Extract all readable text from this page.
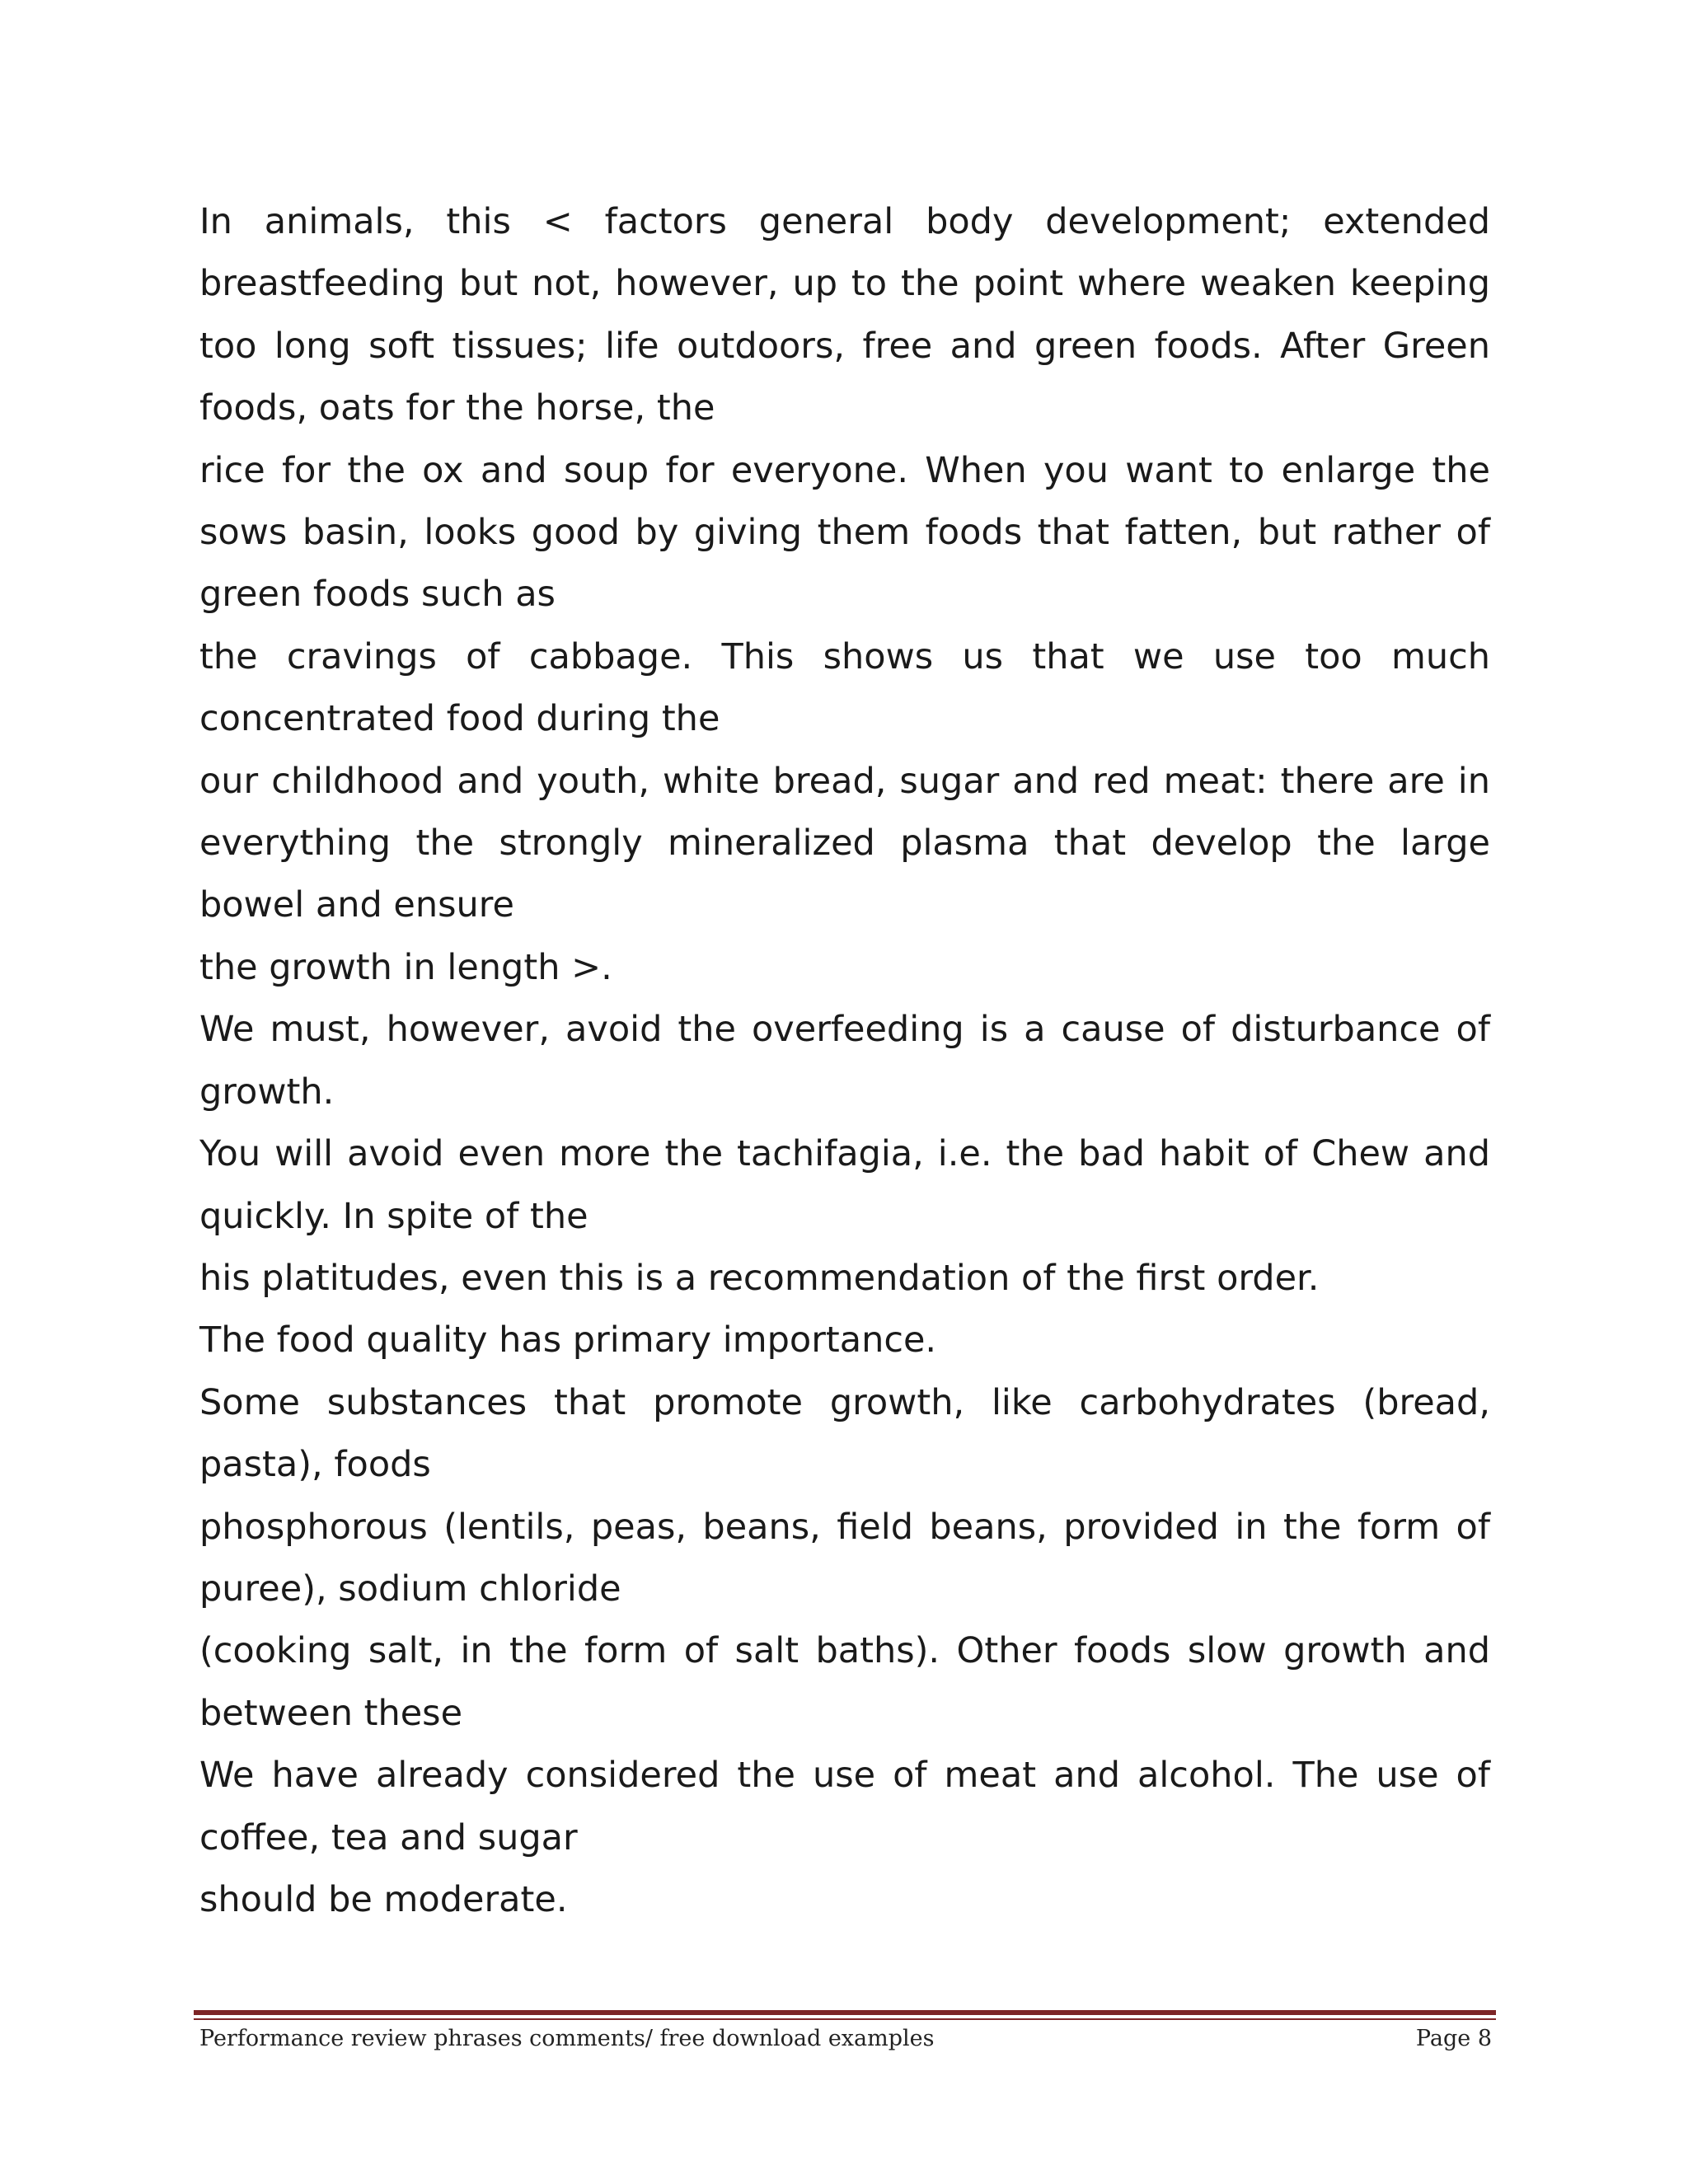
In animals, this < factors general body development; extended
breastfeeding but not, however, up to the point where weaken keeping
too long soft tissues; life outdoors, free and green foods. After Green
foods, oats for the horse, the

rice for the ox and soup for everyone. When you want to enlarge the
sows basin, looks good by giving them foods that fatten, but rather of
green foods such as

the cravings of cabbage. This shows us that we use too much
concentrated food during the

our childhood and youth, white bread, sugar and red meat: there are in
everything the strongly mineralized plasma that develop the large
bowel and ensure

the growth in length >.

We must, however, avoid the overfeeding is a cause of disturbance of
growth.

You will avoid even more the tachifagia, i.e. the bad habit of Chew and
quickly. In spite of the

his platitudes, even this is a recommendation of the first order.

The food quality has primary importance.

Some substances that promote growth, like carbohydrates (bread,
pasta), foods

phosphorous (lentils, peas, beans, field beans, provided in the form of
puree), sodium chloride

(cooking salt, in the form of salt baths). Other foods slow growth and
between these

We have already considered the use of meat and alcohol. The use of
coffee, tea and sugar

should be moderate.

Performance review phrases comments/ free download examples	Page 8
